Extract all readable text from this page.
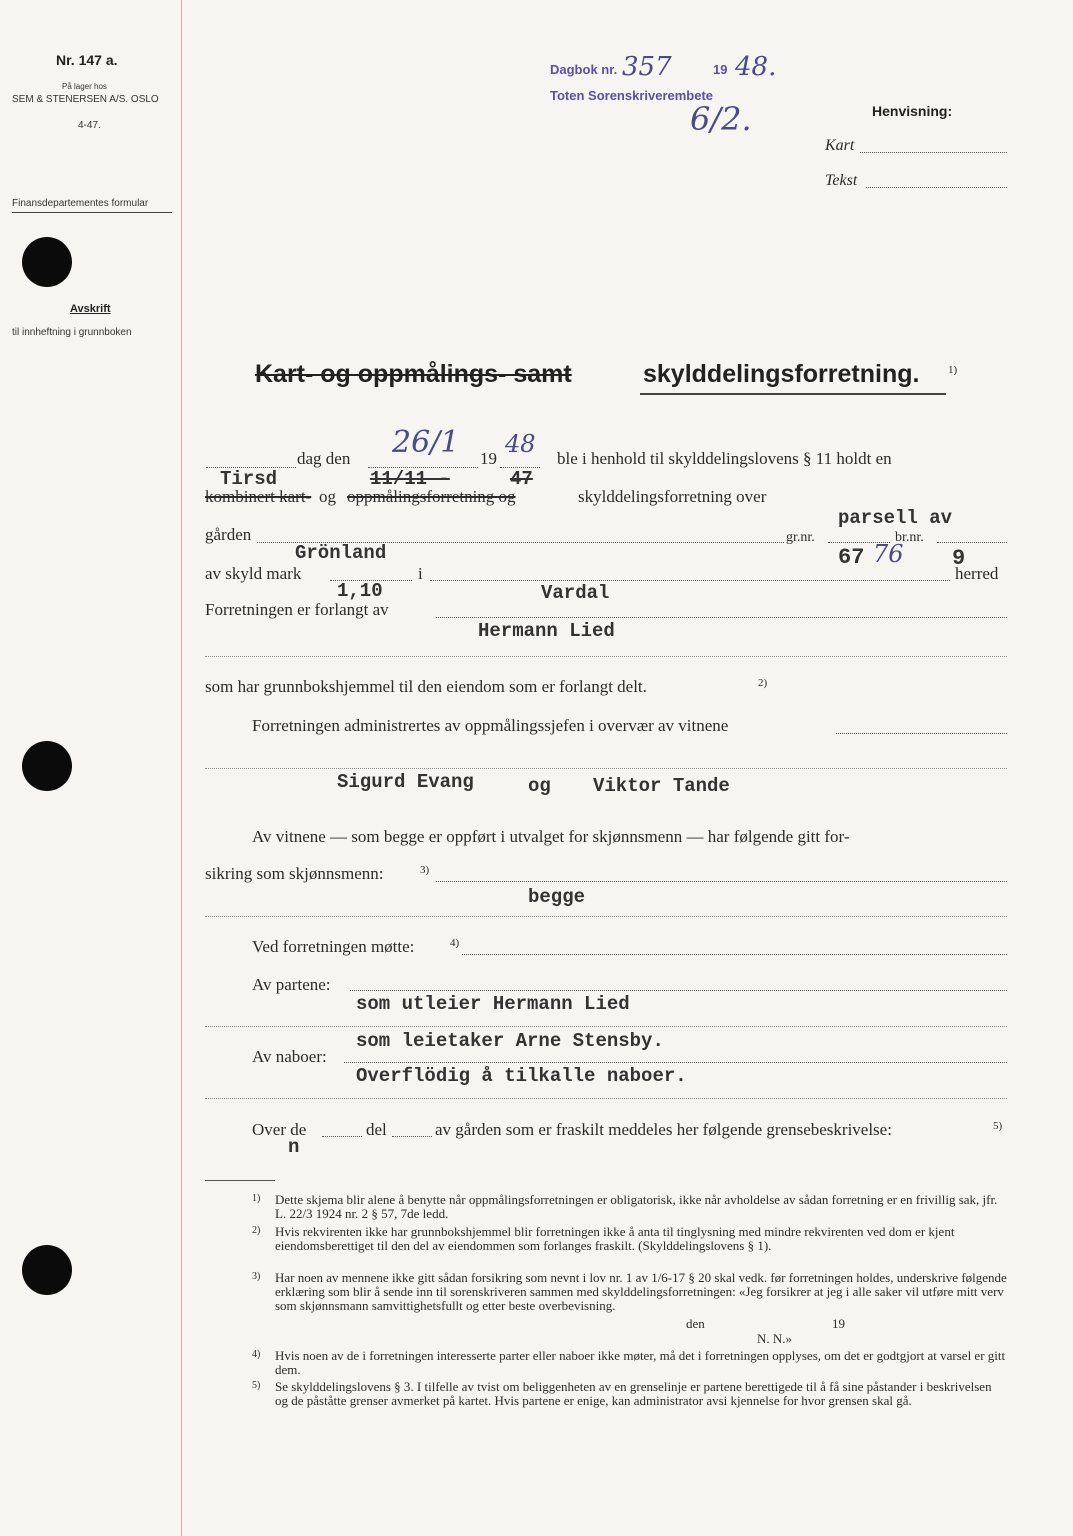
Nr. 147 a.
På lager hos
SEM & STENERSEN A/S. OSLO
4-47.
Finansdepartementes formular
Avskrift
til innheftning i grunnboken
Dagbok nr. 357	19 48.
Toten Sorenskriverembete
6/2.	Henvisning:
Kart
Tekst
Kart- og oppmålings- samt	skylddelingsforretning.	1)
dag den	19	ble i henhold til skylddelingslovens § 11 holdt en
26/1 48
Tirsd	11/11 -	47
kombinert kart- og oppmålingsforretning og	skylddelingsforretning over
gården	gr.nr.	br.nr.
parsell av
Grönland	67 76 9
av skyld mark	i	herred
1,10	Vardal
Forretningen er forlangt av
Hermann Lied
som har grunnbokshjemmel til den eiendom som er forlangt delt.	2)
Forretningen administrertes av oppmålingssjefen i overvær av vitnene
Sigurd Evang	og Viktor Tande
Av vitnene — som begge er oppført i utvalget for skjønnsmenn — har følgende gitt for-
sikring som skjønnsmenn:	3)
begge
Ved forretningen møtte:	4)
Av partene:
som utleier Hermann Lied
som leietaker Arne Stensby.
Av naboer:
Overflödig å tilkalle naboer.
Over de
n
del	av gården som er fraskilt meddeles her følgende grensebeskrivelse:	5)
1) Dette skjema blir alene å benytte når oppmålingsforretningen er obligatorisk, ikke når avholdelse av sådan forretning er en frivillig sak, jfr. L. 22/3 1924 nr. 2 § 57, 7de ledd.
2) Hvis rekvirenten ikke har grunnbokshjemmel blir forretningen ikke å anta til tinglysning med mindre rekvirenten ved dom er kjent eiendomsberettiget til den del av eiendommen som forlanges fraskilt. (Skylddelingslovens § 1).
3) Har noen av mennene ikke gitt sådan forsikring som nevnt i lov nr. 1 av 1/6-17 § 20 skal vedk. før forretningen holdes, underskrive følgende erklæring som blir å sende inn til sorenskriveren sammen med skylddelingsforretningen: «Jeg forsikrer at jeg i alle saker vil utføre mitt verv som skjønnsmann samvittighetsfullt og etter beste overbevisning.
den	19
N. N.»
4) Hvis noen av de i forretningen interesserte parter eller naboer ikke møter, må det i forretningen opplyses, om det er godtgjort at varsel er gitt dem.
5) Se skylddelingslovens § 3. I tilfelle av tvist om beliggenheten av en grenselinje er partene berettigede til å få sine påstander i beskrivelsen og de påståtte grenser avmerket på kartet. Hvis partene er enige, kan administrator avsi kjennelse for hvor grensen skal gå.
